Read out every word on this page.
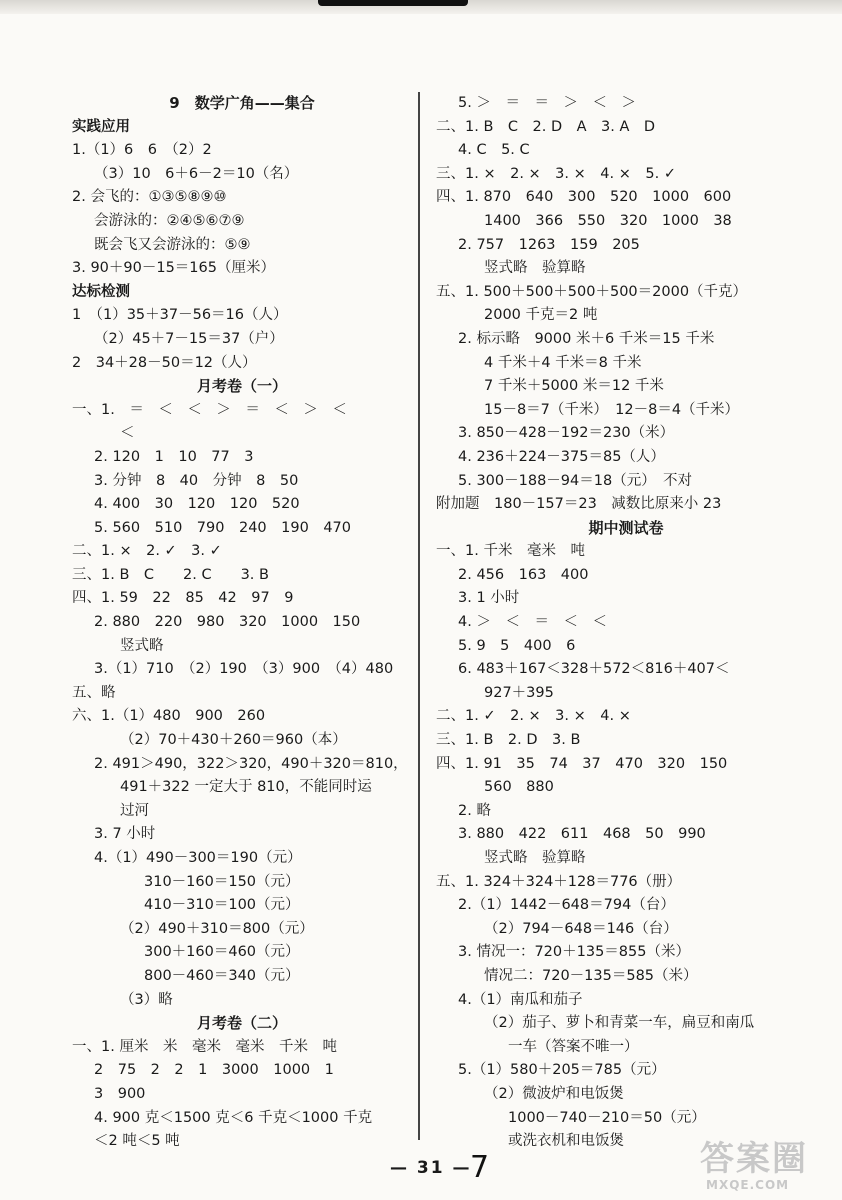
9　数学广角——集合
实践应用
1.（1）6　6　（2）2
（3）10　6＋6－2＝10（名）
2. 会飞的：①③⑤⑧⑨⑩
会游泳的：②④⑤⑥⑦⑨
既会飞又会游泳的：⑤⑨
3. 90＋90－15＝165（厘米）
达标检测
1　（1）35＋37－56＝16（人）
（2）45＋7－15＝37（户）
2　34＋28－50＝12（人）
月考卷（一）
一、1.　＝　＜　＜　＞　＝　＜　＞　＜
＜
2. 120　1　10　77　3
3. 分钟　8　40　分钟　8　50
4. 400　30　120　120　520
5. 560　510　790　240　190　470
二、1. ×　2. ✓　3. ✓
三、1. B　C　　2. C　　3. B
四、1. 59　22　85　42　97　9
2. 880　220　980　320　1000　150
竖式略
3.（1）710　（2）190　（3）900　（4）480
五、略
六、1.（1）480　900　260
（2）70＋430＋260＝960（本）
2. 491＞490，322＞320，490＋320＝810，
491＋322 一定大于 810，不能同时运
过河
3. 7 小时
4.（1）490－300＝190（元）
310－160＝150（元）
410－310＝100（元）
（2）490＋310＝800（元）
300＋160＝460（元）
800－460＝340（元）
（3）略
月考卷（二）
一、1. 厘米　米　毫米　毫米　千米　吨
2　75　2　2　1　3000　1000　1
3　900
4. 900 克＜1500 克＜6 千克＜1000 千克
＜2 吨＜5 吨
5. ＞　＝　＝　＞　＜　＞
二、1. B　C　2. D　A　3. A　D
4. C　5. C
三、1. ×　2. ×　3. ×　4. ×　5. ✓
四、1. 870　640　300　520　1000　600
1400　366　550　320　1000　38
2. 757　1263　159　205
竖式略　验算略
五、1. 500＋500＋500＋500＝2000（千克）
2000 千克＝2 吨
2. 标示略　9000 米＋6 千米＝15 千米
4 千米＋4 千米＝8 千米
7 千米＋5000 米＝12 千米
15－8＝7（千米）　12－8＝4（千米）
3. 850－428－192＝230（米）
4. 236＋224－375＝85（人）
5. 300－188－94＝18（元）　不对
附加题　180－157＝23　减数比原来小 23
期中测试卷
一、1. 千米　毫米　吨
2. 456　163　400
3. 1 小时
4. ＞　＜　＝　＜　＜
5. 9　5　400　6
6. 483＋167＜328＋572＜816＋407＜
927＋395
二、1. ✓　2. ×　3. ×　4. ×
三、1. B　2. D　3. B
四、1. 91　35　74　37　470　320　150
560　880
2. 略
3. 880　422　611　468　50　990
竖式略　验算略
五、1. 324＋324＋128＝776（册）
2.（1）1442－648＝794（台）
（2）794－648＝146（台）
3. 情况一：720＋135＝855（米）
情况二：720－135＝585（米）
4.（1）南瓜和茄子
（2）茄子、萝卜和青菜一车，扁豆和南瓜
一车（答案不唯一）
5.（1）580＋205＝785（元）
（2）微波炉和电饭煲
1000－740－210＝50（元）
或洗衣机和电饭煲
— 31 —
7	答案圈
MXQE.COM
